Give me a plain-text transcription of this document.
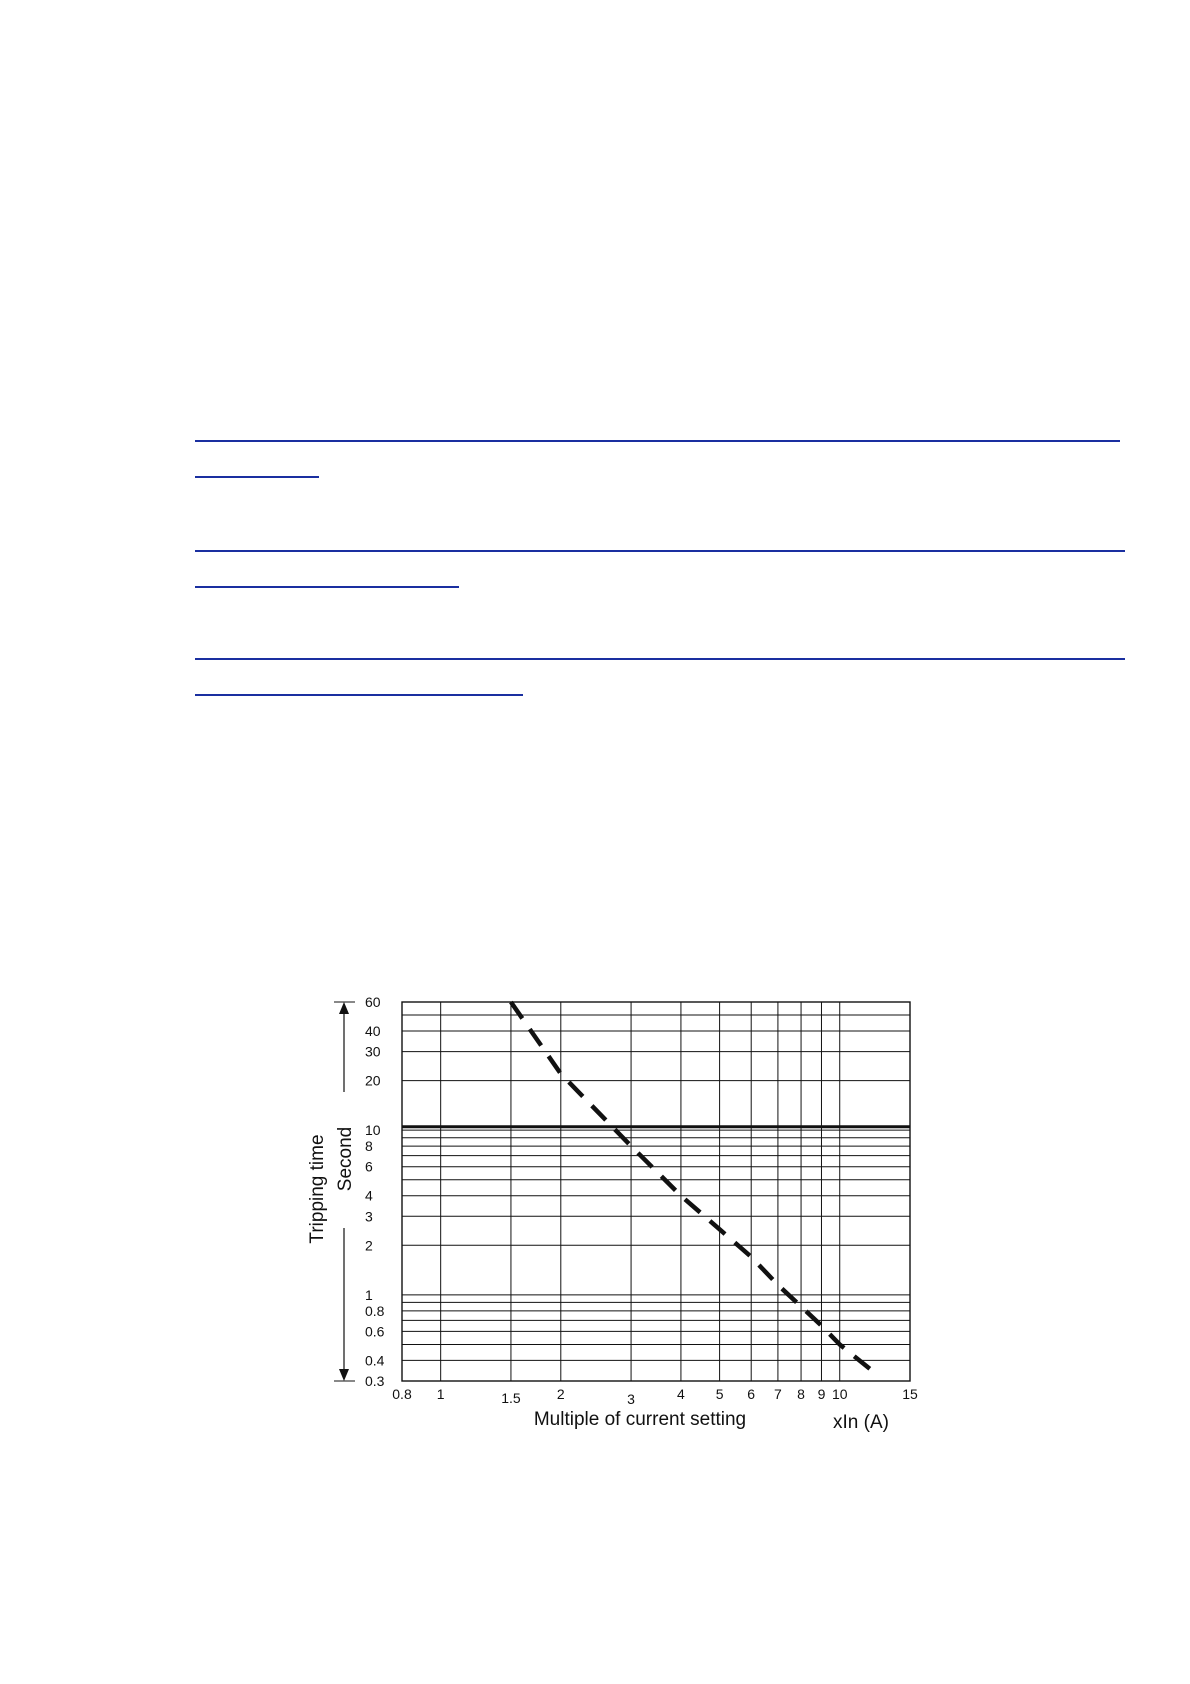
0.8 1	1.5	2	3	4 5 6 7 8 9 10	15
0.3
0.4
0.6
0.8
1
2
3
4
6
8
10
20
30
40
60
Multiple of current setting	xIn (A)
Tripping time Second
